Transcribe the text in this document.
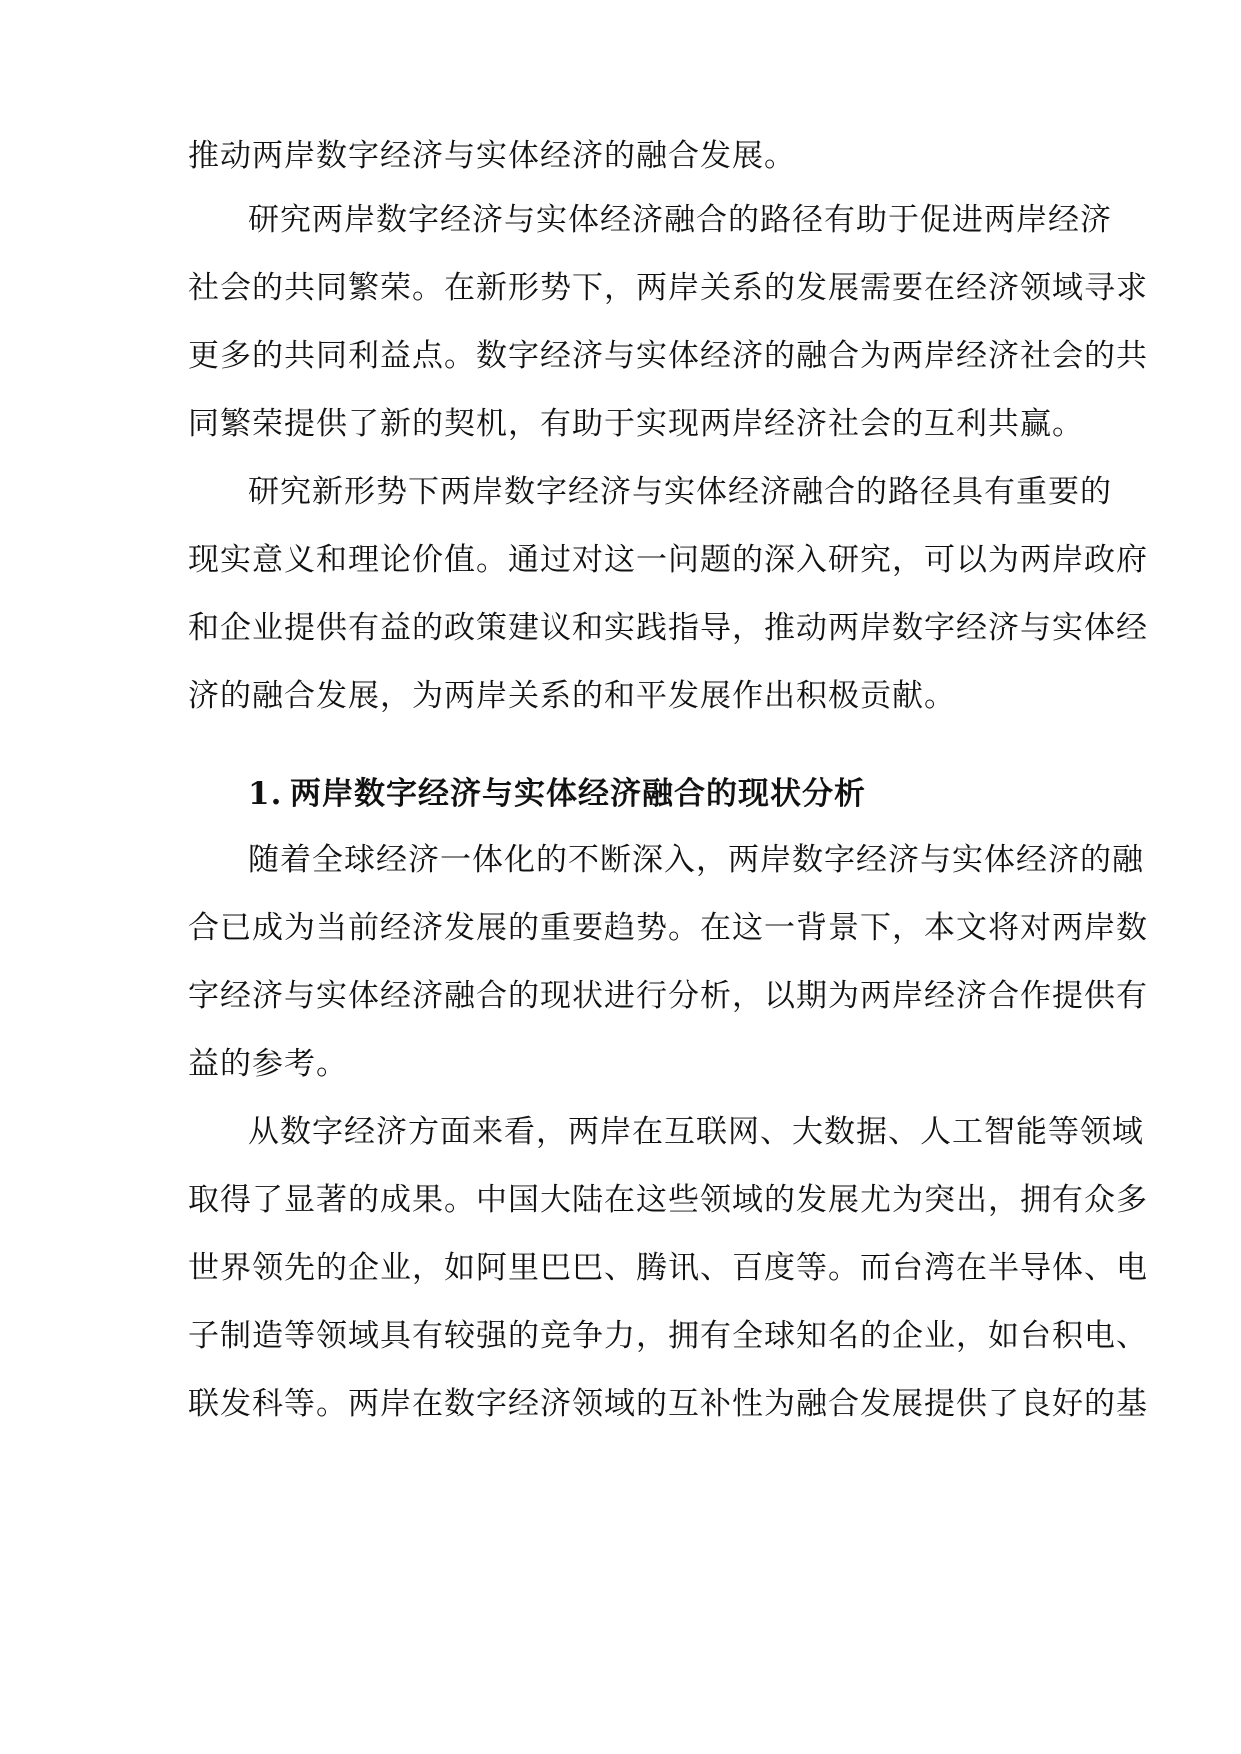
推动两岸数字经济与实体经济的融合发展。
研究两岸数字经济与实体经济融合的路径有助于促进两岸经济
社会的共同繁荣。在新形势下，两岸关系的发展需要在经济领域寻求
更多的共同利益点。数字经济与实体经济的融合为两岸经济社会的共
同繁荣提供了新的契机，有助于实现两岸经济社会的互利共赢。
研究新形势下两岸数字经济与实体经济融合的路径具有重要的
现实意义和理论价值。通过对这一问题的深入研究，可以为两岸政府
和企业提供有益的政策建议和实践指导，推动两岸数字经济与实体经
济的融合发展，为两岸关系的和平发展作出积极贡献。
1. 两岸数字经济与实体经济融合的现状分析
随着全球经济一体化的不断深入，两岸数字经济与实体经济的融
合已成为当前经济发展的重要趋势。在这一背景下，本文将对两岸数
字经济与实体经济融合的现状进行分析，以期为两岸经济合作提供有
益的参考。
从数字经济方面来看，两岸在互联网、大数据、人工智能等领域
取得了显著的成果。中国大陆在这些领域的发展尤为突出，拥有众多
世界领先的企业，如阿里巴巴、腾讯、百度等。而台湾在半导体、电
子制造等领域具有较强的竞争力，拥有全球知名的企业，如台积电、
联发科等。两岸在数字经济领域的互补性为融合发展提供了良好的基
